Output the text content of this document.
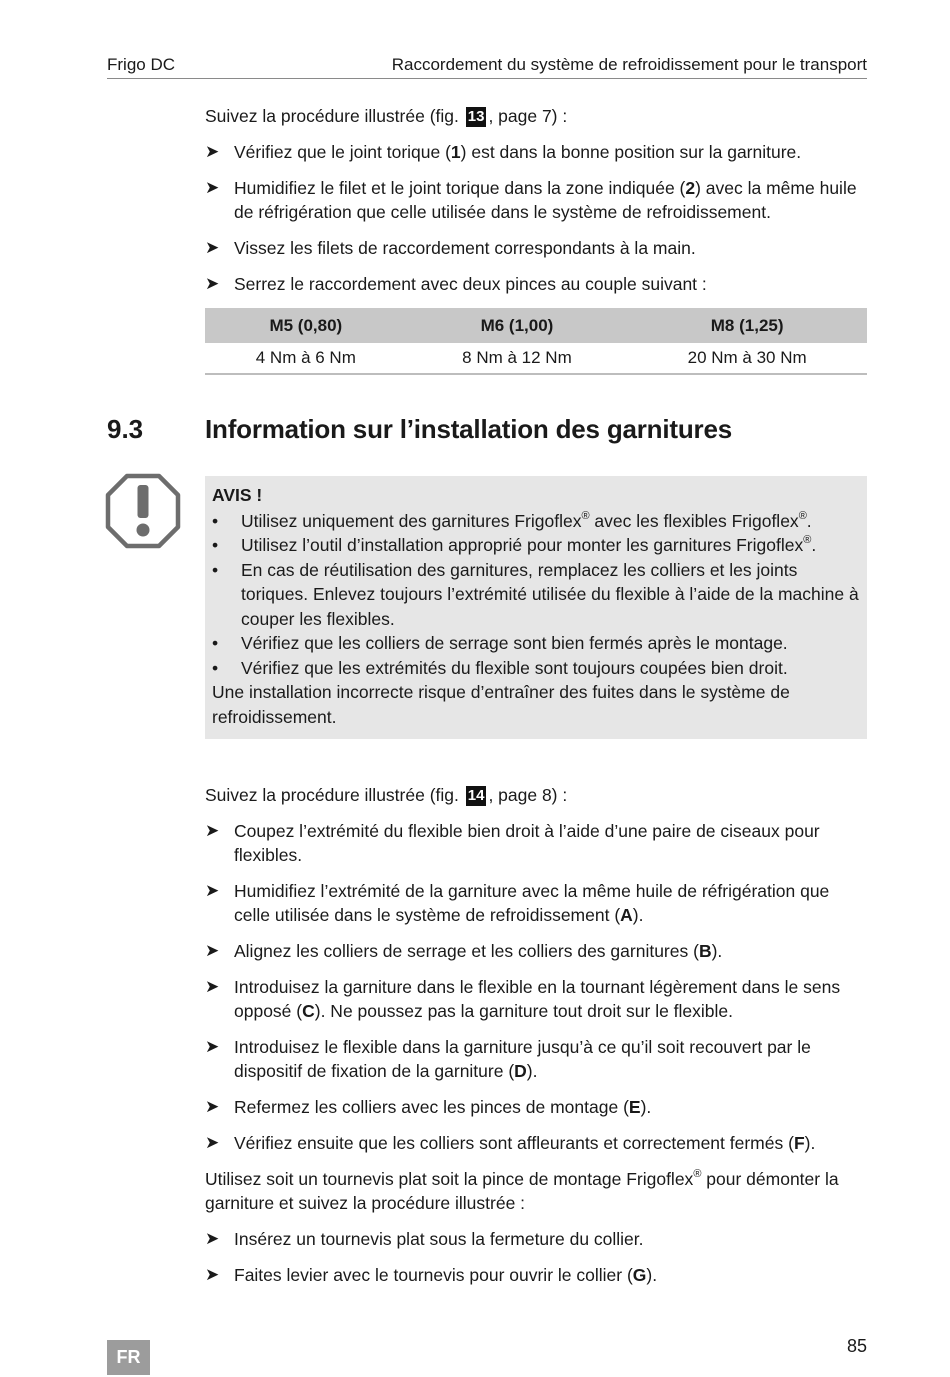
Frigo DC	Raccordement du système de refroidissement pour le transport
Suivez la procédure illustrée (fig. 13 , page 7) :
➤ Vérifiez que le joint torique (1) est dans la bonne position sur la garniture.
➤ Humidifiez le filet et le joint torique dans la zone indiquée (2) avec la même huile de réfrigération que celle utilisée dans le système de refroidissement.
➤ Vissez les filets de raccordement correspondants à la main.
➤ Serrez le raccordement avec deux pinces au couple suivant :
M5 (0,80)	M6 (1,00)	M8 (1,25)
4 Nm à 6 Nm	8 Nm à 12 Nm	20 Nm à 30 Nm
9.3 Information sur l’installation des garnitures
AVIS !
• Utilisez uniquement des garnitures Frigoflex® avec les flexibles Frigoflex®.
• Utilisez l’outil d’installation approprié pour monter les garnitures Frigoflex®.
• En cas de réutilisation des garnitures, remplacez les colliers et les joints toriques. Enlevez toujours l’extrémité utilisée du flexible à l’aide de la machine à couper les flexibles.
• Vérifiez que les colliers de serrage sont bien fermés après le montage.
• Vérifiez que les extrémités du flexible sont toujours coupées bien droit.
Une installation incorrecte risque d’entraîner des fuites dans le système de refroidissement.
Suivez la procédure illustrée (fig. 14 , page 8) :
➤ Coupez l’extrémité du flexible bien droit à l’aide d’une paire de ciseaux pour flexibles.
➤ Humidifiez l’extrémité de la garniture avec la même huile de réfrigération que celle utilisée dans le système de refroidissement (A).
➤ Alignez les colliers de serrage et les colliers des garnitures (B).
➤ Introduisez la garniture dans le flexible en la tournant légèrement dans le sens opposé (C). Ne poussez pas la garniture tout droit sur le flexible.
➤ Introduisez le flexible dans la garniture jusqu’à ce qu’il soit recouvert par le dispositif de fixation de la garniture (D).
➤ Refermez les colliers avec les pinces de montage (E).
➤ Vérifiez ensuite que les colliers sont affleurants et correctement fermés (F).
Utilisez soit un tournevis plat soit la pince de montage Frigoflex® pour démonter la garniture et suivez la procédure illustrée :
➤ Insérez un tournevis plat sous la fermeture du collier.
➤ Faites levier avec le tournevis pour ouvrir le collier (G).
FR
85
